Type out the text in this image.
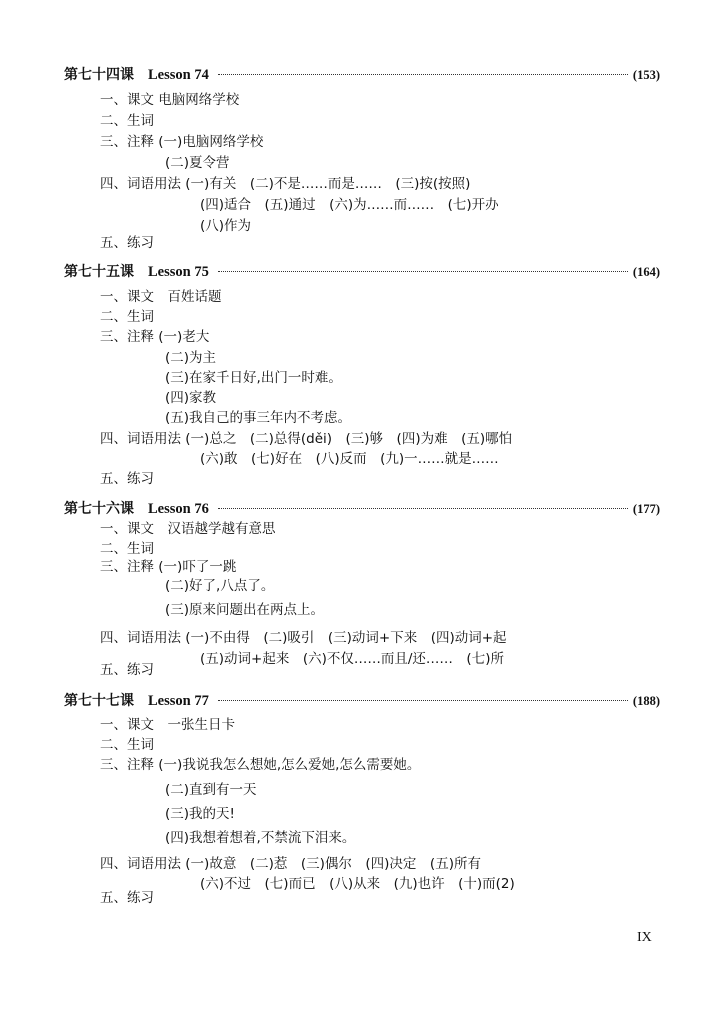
第七十四课 Lesson 74	(153)
一、课文 电脑网络学校
二、生词
三、注释 (一)电脑网络学校
(二)夏令营
四、词语用法 (一)有关　(二)不是……而是……　(三)按(按照)
(四)适合　(五)通过　(六)为……而……　(七)开办
(八)作为
五、练习
第七十五课 Lesson 75	(164)
一、课文　百姓话题
二、生词
三、注释 (一)老大
(二)为主
(三)在家千日好,出门一时难。
(四)家教
(五)我自己的事三年内不考虑。
四、词语用法 (一)总之　(二)总得(děi)　(三)够　(四)为难　(五)哪怕
(六)敢　(七)好在　(八)反而　(九)一……就是……
五、练习
第七十六课 Lesson 76	(177)
一、课文　汉语越学越有意思
二、生词
三、注释 (一)吓了一跳
(二)好了,八点了。
(三)原来问题出在两点上。
四、词语用法 (一)不由得　(二)吸引　(三)动词+下来　(四)动词+起
(五)动词+起来　(六)不仅……而且/还……　(七)所
五、练习
第七十七课 Lesson 77	(188)
一、课文　一张生日卡
二、生词
三、注释 (一)我说我怎么想她,怎么爱她,怎么需要她。
(二)直到有一天
(三)我的天!
(四)我想着想着,不禁流下泪来。
四、词语用法 (一)故意　(二)惹　(三)偶尔　(四)决定　(五)所有
(六)不过　(七)而已　(八)从来　(九)也许　(十)而(2)
五、练习
IX
